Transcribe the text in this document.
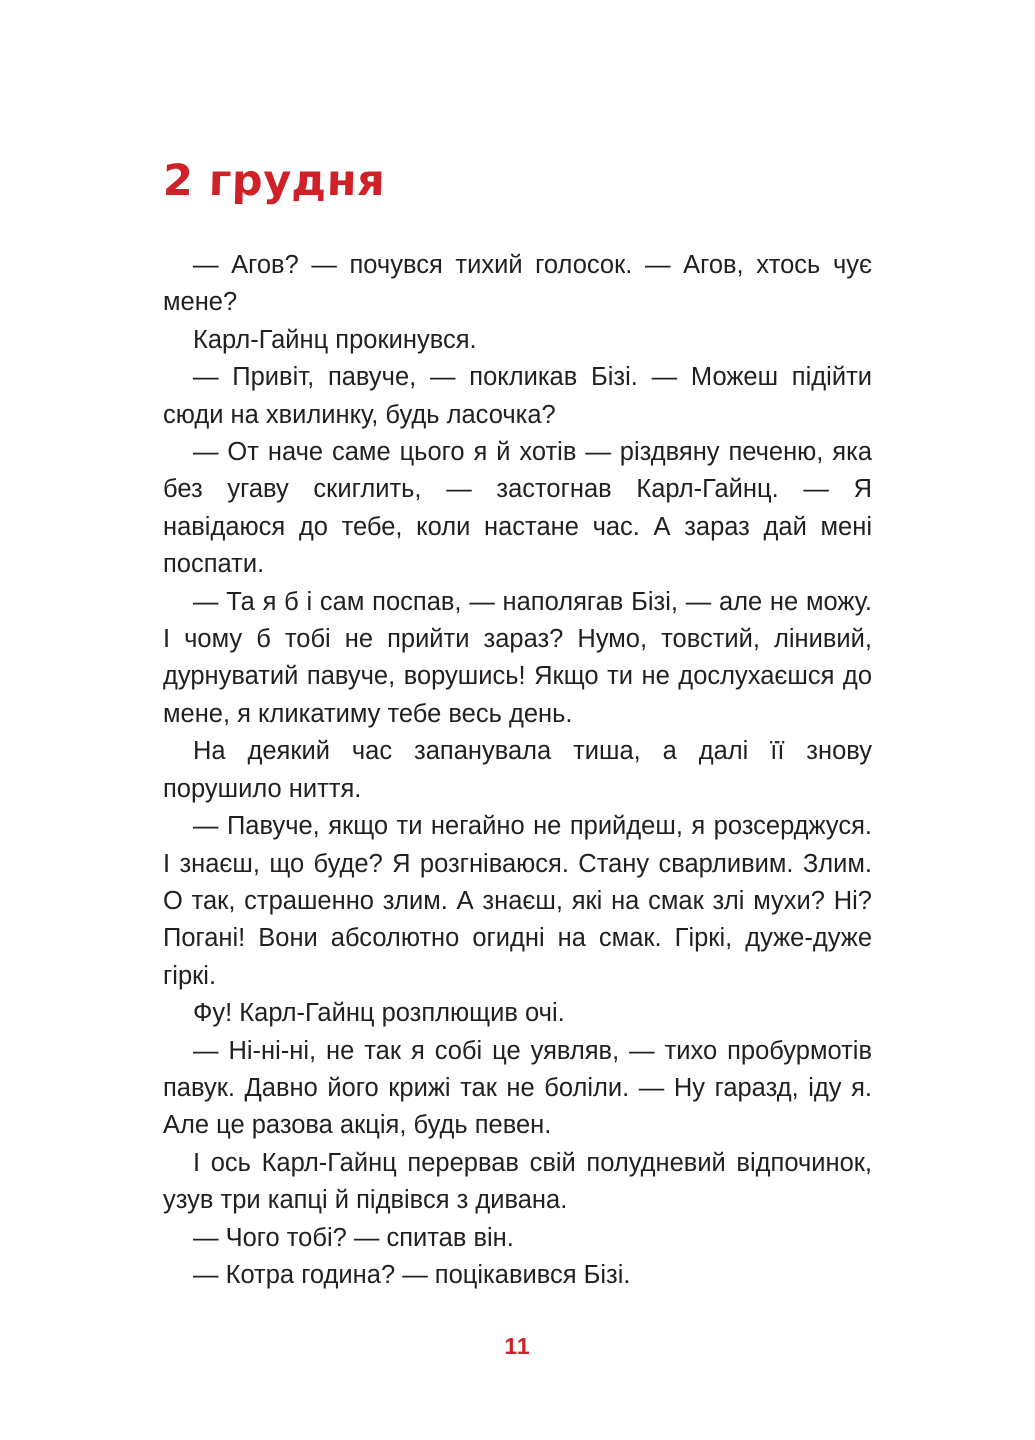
2 грудня

— Агов? — почувся тихий голосок. — Агов, хтось чує мене?

Карл-Гайнц прокинувся.

— Привіт, павуче, — покликав Бізі. — Можеш підійти сюди на хвилинку, будь ласочка?

— От наче саме цього я й хотів — різдвяну печеню, яка без угаву скиглить, — застогнав Карл-Гайнц. — Я навідаюся до тебе, коли настане час. А зараз дай мені поспати.

— Та я б і сам поспав, — наполягав Бізі, — але не можу. І чому б тобі не прийти зараз? Нумо, товстий, лінивий, дурнуватий павуче, ворушись! Якщо ти не дослухаєшся до мене, я кликатиму тебе весь день.

На деякий час запанувала тиша, а далі її знову порушило ниття.

— Павуче, якщо ти негайно не прийдеш, я розсерджуся. І знаєш, що буде? Я розгніваюся. Стану сварливим. Злим. О так, страшенно злим. А знаєш, які на смак злі мухи? Ні? Погані! Вони абсолютно огидні на смак. Гіркі, дуже-дуже гіркі.

Фу! Карл-Гайнц розплющив очі.

— Ні-ні-ні, не так я собі це уявляв, — тихо пробурмотів павук. Давно його крижі так не боліли. — Ну гаразд, іду я. Але це разова акція, будь певен.

І ось Карл-Гайнц перервав свій полудневий відпочинок, узув три капці й підвівся з дивана.

— Чого тобі? — спитав він.

— Котра година? — поцікавився Бізі.

11
